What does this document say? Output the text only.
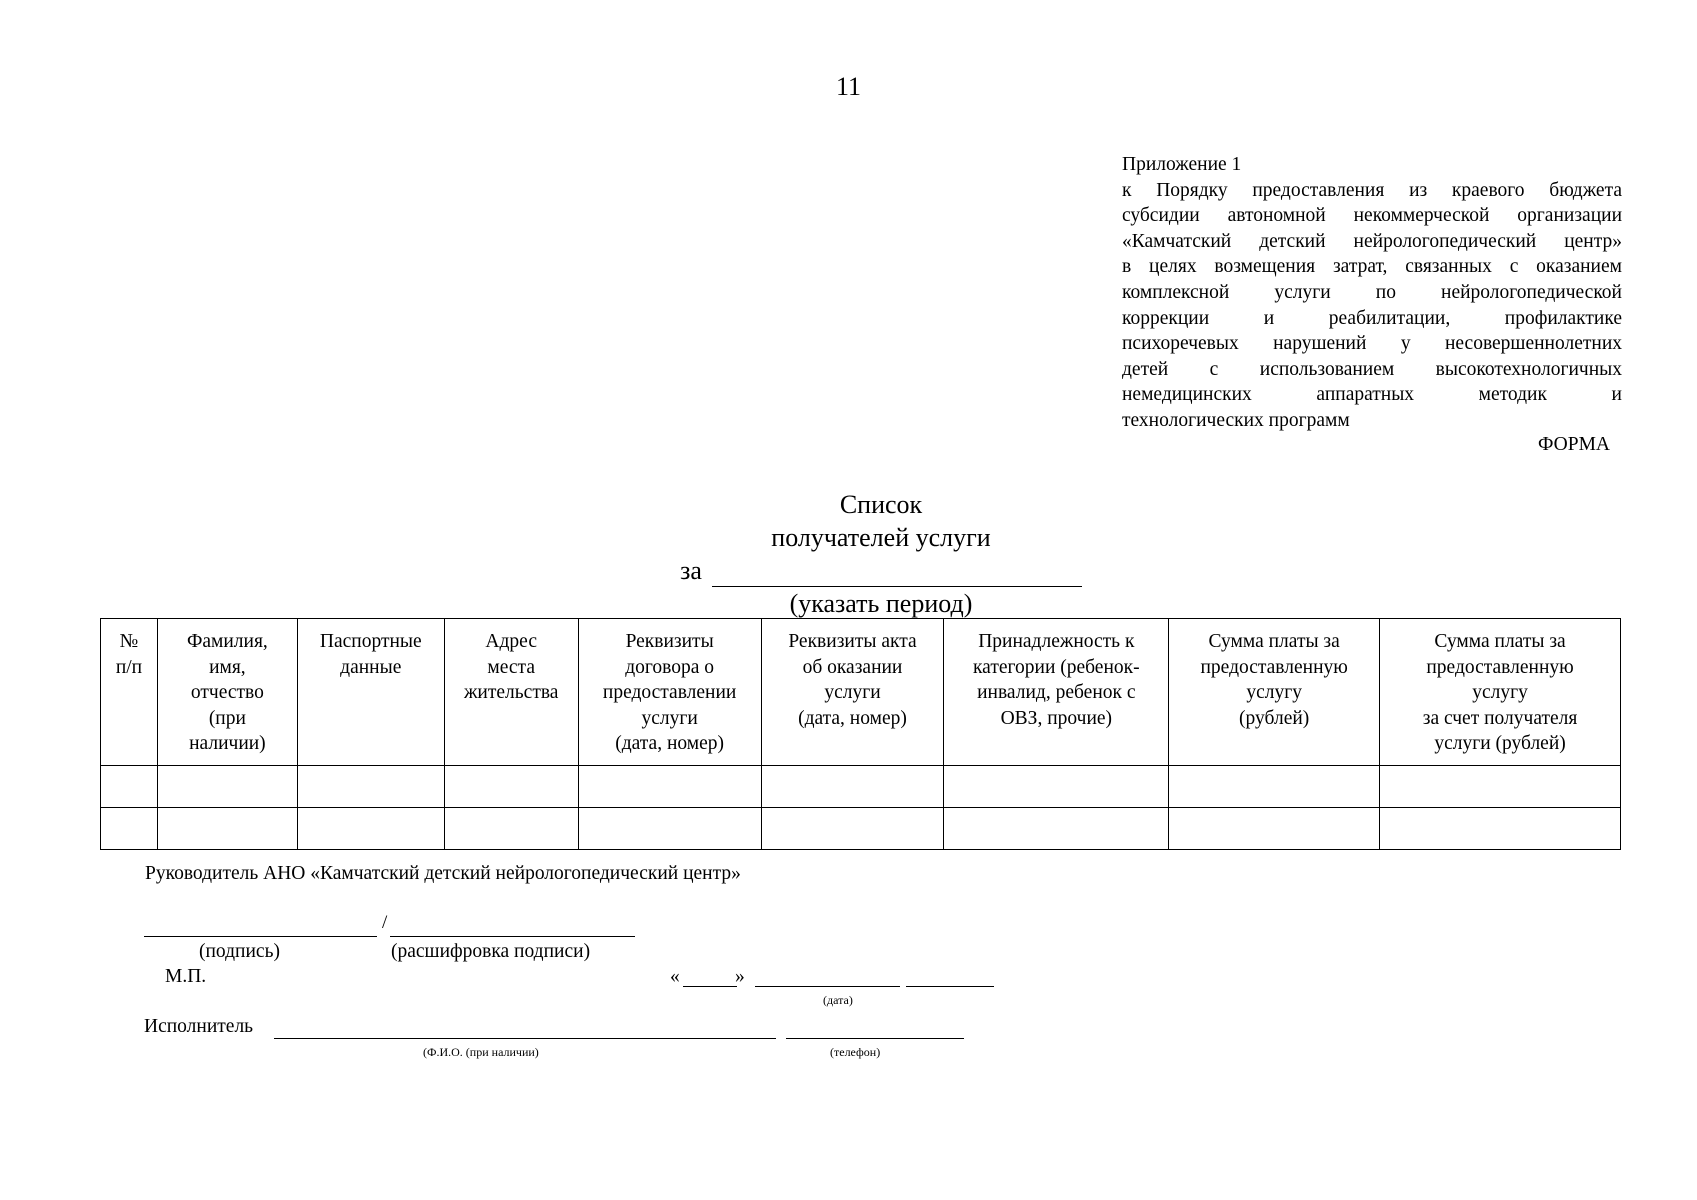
11
Приложение 1
к Порядку предоставления из краевого бюджета
субсидии автономной некоммерческой организации
«Камчатский детский нейрологопедический центр»
в целях возмещения затрат, связанных с оказанием
комплексной услуги по нейрологопедической
коррекции и реабилитации, профилактике
психоречевых нарушений у несовершеннолетних
детей с использованием высокотехнологичных
немедицинских аппаратных методик и
технологических программ
ФОРМА
Список
получателей услуги
за
(указать период)
№
п/п	Фамилия,
имя,
отчество
(при
наличии)	Паспортные
данные	Адрес
места
жительства	Реквизиты
договора о
предоставлении
услуги
(дата, номер)	Реквизиты акта
об оказании
услуги
(дата, номер)	Принадлежность к
категории (ребенок-
инвалид, ребенок с
ОВЗ, прочие)	Сумма платы за
предоставленную
услугу
(рублей)	Сумма платы за
предоставленную
услугу
за счет получателя
услуги (рублей)

Руководитель АНО «Камчатский детский нейрологопедический центр»
/
(подпись)	(расшифровка подписи)
М.П.	«	»
(дата)
Исполнитель
(Ф.И.О. (при наличии)	(телефон)
